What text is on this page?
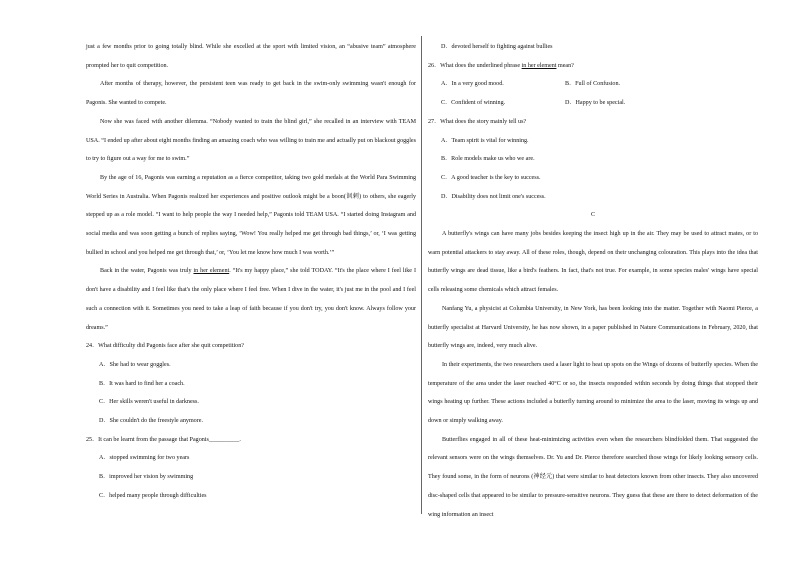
just a few months prior to going totally blind. While she excelled at the sport with limited vision, an “abusive team” atmosphere prompted her to quit competition.

After months of therapy, however, the persistent teen was ready to get back in the swim-only swimming wasn't enough for Pagonis. She wanted to compete.

Now she was faced with another dilemma. “Nobody wanted to train the blind girl,” she recalled in an interview with TEAM USA. “I ended up after about eight months finding an amazing coach who was willing to train me and actually put on blackout goggles to try to figure out a way for me to swim.”

By the age of 16, Pagonis was earning a reputation as a fierce competitor, taking two gold medals at the World Para Swimming World Series in Australia. When Pagonis realized her experiences and positive outlook might be a boon(讽刺) to others, she eagerly stepped up as a role model. “I want to help people the way I needed help,” Pagonis told TEAM USA. “I started doing Instagram and social media and was soon getting a bunch of replies saying, ‘Wow! You really helped me get through bad things,’ or, ‘I was getting bullied in school and you helped me get through that,’ or, ‘You let me know how much I was worth.’”

Back in the water, Pagonis was truly in her element. “It's my happy place,” she told TODAY. “It's the place where I feel like I don't have a disability and I feel like that's the only place where I feel free. When I dive in the water, it's just me in the pool and I feel such a connection with it. Sometimes you need to take a leap of faith because if you don't try, you don't know. Always follow your dreams.”

24．What difficulty did Pagonis face after she quit competition?

A．She had to wear goggles.

B．It was hard to find her a coach.

C．Her skills weren't useful in darkness.

D．She couldn't do the freestyle anymore.

25．It can be learnt from the passage that Pagonis__________.

A．stopped swimming for two years

B．improved her vision by swimming

C．helped many people through difficulties

D．devoted herself to fighting against bullies

26．What does the underlined phrase in her element mean?

A．In a very good mood.	B．Full of Confusion.
C．Confident of winning.	D．Happy to be special.

27．What does the story mainly tell us?

A．Team spirit is vital for winning.

B．Role models make us who we are.

C．A good teacher is the key to success.

D．Disability does not limit one's success.

C

A butterfly's wings can have many jobs besides keeping the insect high up in the air. They may be used to attract mates, or to warn potential attackers to stay away. All of these roles, though, depend on their unchanging colouration. This plays into the idea that butterfly wings are dead tissue, like a bird's feathers. In fact, that's not true. For example, in some species males' wings have special cells releasing some chemicals which attract females.

Nanfang Yu, a physicist at Columbia University, in New York, has been looking into the matter. Together with Naomi Pierce, a butterfly specialist at Harvard University, he has now shown, in a paper published in Nature Communications in February, 2020, that butterfly wings are, indeed, very much alive.

In their experiments, the two researchers used a laser light to heat up spots on the Wings of dozens of butterfly species. When the temperature of the area under the laser reached 40°C or so, the insects responded within seconds by doing things that stopped their wings heating up further. These actions included a butterfly turning around to minimize the area to the laser, moving its wings up and down or simply walking away.

Butterflies engaged in all of these heat-minimizing activities even when the researchers blindfolded them. That suggested the relevant sensors were on the wings themselves. Dr. Yu and Dr. Pierce therefore searched those wings for likely looking sensory cells. They found some, in the form of neurons (神经元) that were similar to heat detectors known from other insects. They also uncovered disc-shaped cells that appeared to be similar to pressure-sensitive neurons. They guess that these are there to detect deformation of the wing information an insect
